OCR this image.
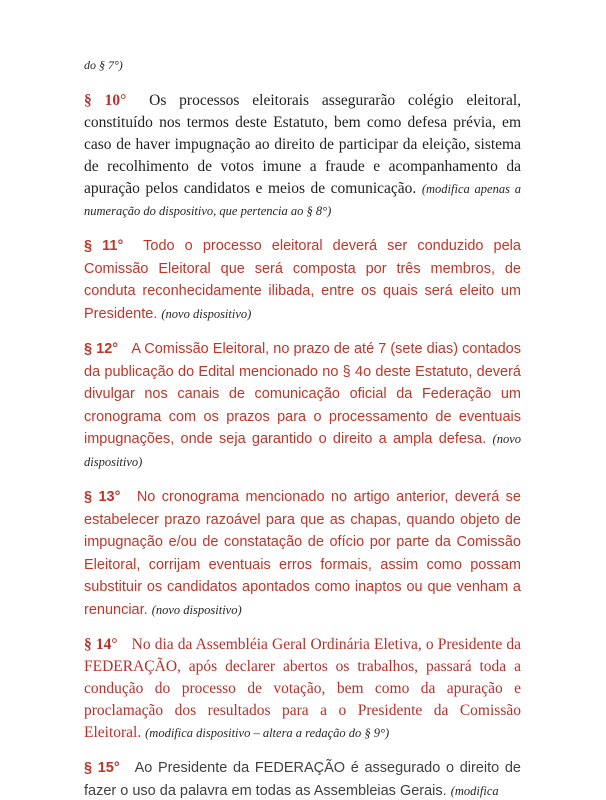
do § 7°)

§ 10° Os processos eleitorais assegurarão colégio eleitoral, constituído nos termos deste Estatuto, bem como defesa prévia, em caso de haver impugnação ao direito de participar da eleição, sistema de recolhimento de votos imune a fraude e acompanhamento da apuração pelos candidatos e meios de comunicação. (modifica apenas a numeração do dispositivo, que pertencia ao § 8°)

§ 11° Todo o processo eleitoral deverá ser conduzido pela Comissão Eleitoral que será composta por três membros, de conduta reconhecidamente ilibada, entre os quais será eleito um Presidente. (novo dispositivo)

§ 12° A Comissão Eleitoral, no prazo de até 7 (sete dias) contados da publicação do Edital mencionado no § 4o deste Estatuto, deverá divulgar nos canais de comunicação oficial da Federação um cronograma com os prazos para o processamento de eventuais impugnações, onde seja garantido o direito a ampla defesa. (novo dispositivo)

§ 13° No cronograma mencionado no artigo anterior, deverá se estabelecer prazo razoável para que as chapas, quando objeto de impugnação e/ou de constatação de ofício por parte da Comissão Eleitoral, corrijam eventuais erros formais, assim como possam substituir os candidatos apontados como inaptos ou que venham a renunciar. (novo dispositivo)

§ 14° No dia da Assembléia Geral Ordinária Eletiva, o Presidente da FEDERAÇÃO, após declarer abertos os trabalhos, passará toda a condução do processo de votação, bem como da apuração e proclamação dos resultados para a o Presidente da Comissão Eleitoral. (modifica dispositivo – altera a redação do § 9°)

§ 15° Ao Presidente da FEDERAÇÃO é assegurado o direito de fazer o uso da palavra em todas as Assembleias Gerais. (modifica
